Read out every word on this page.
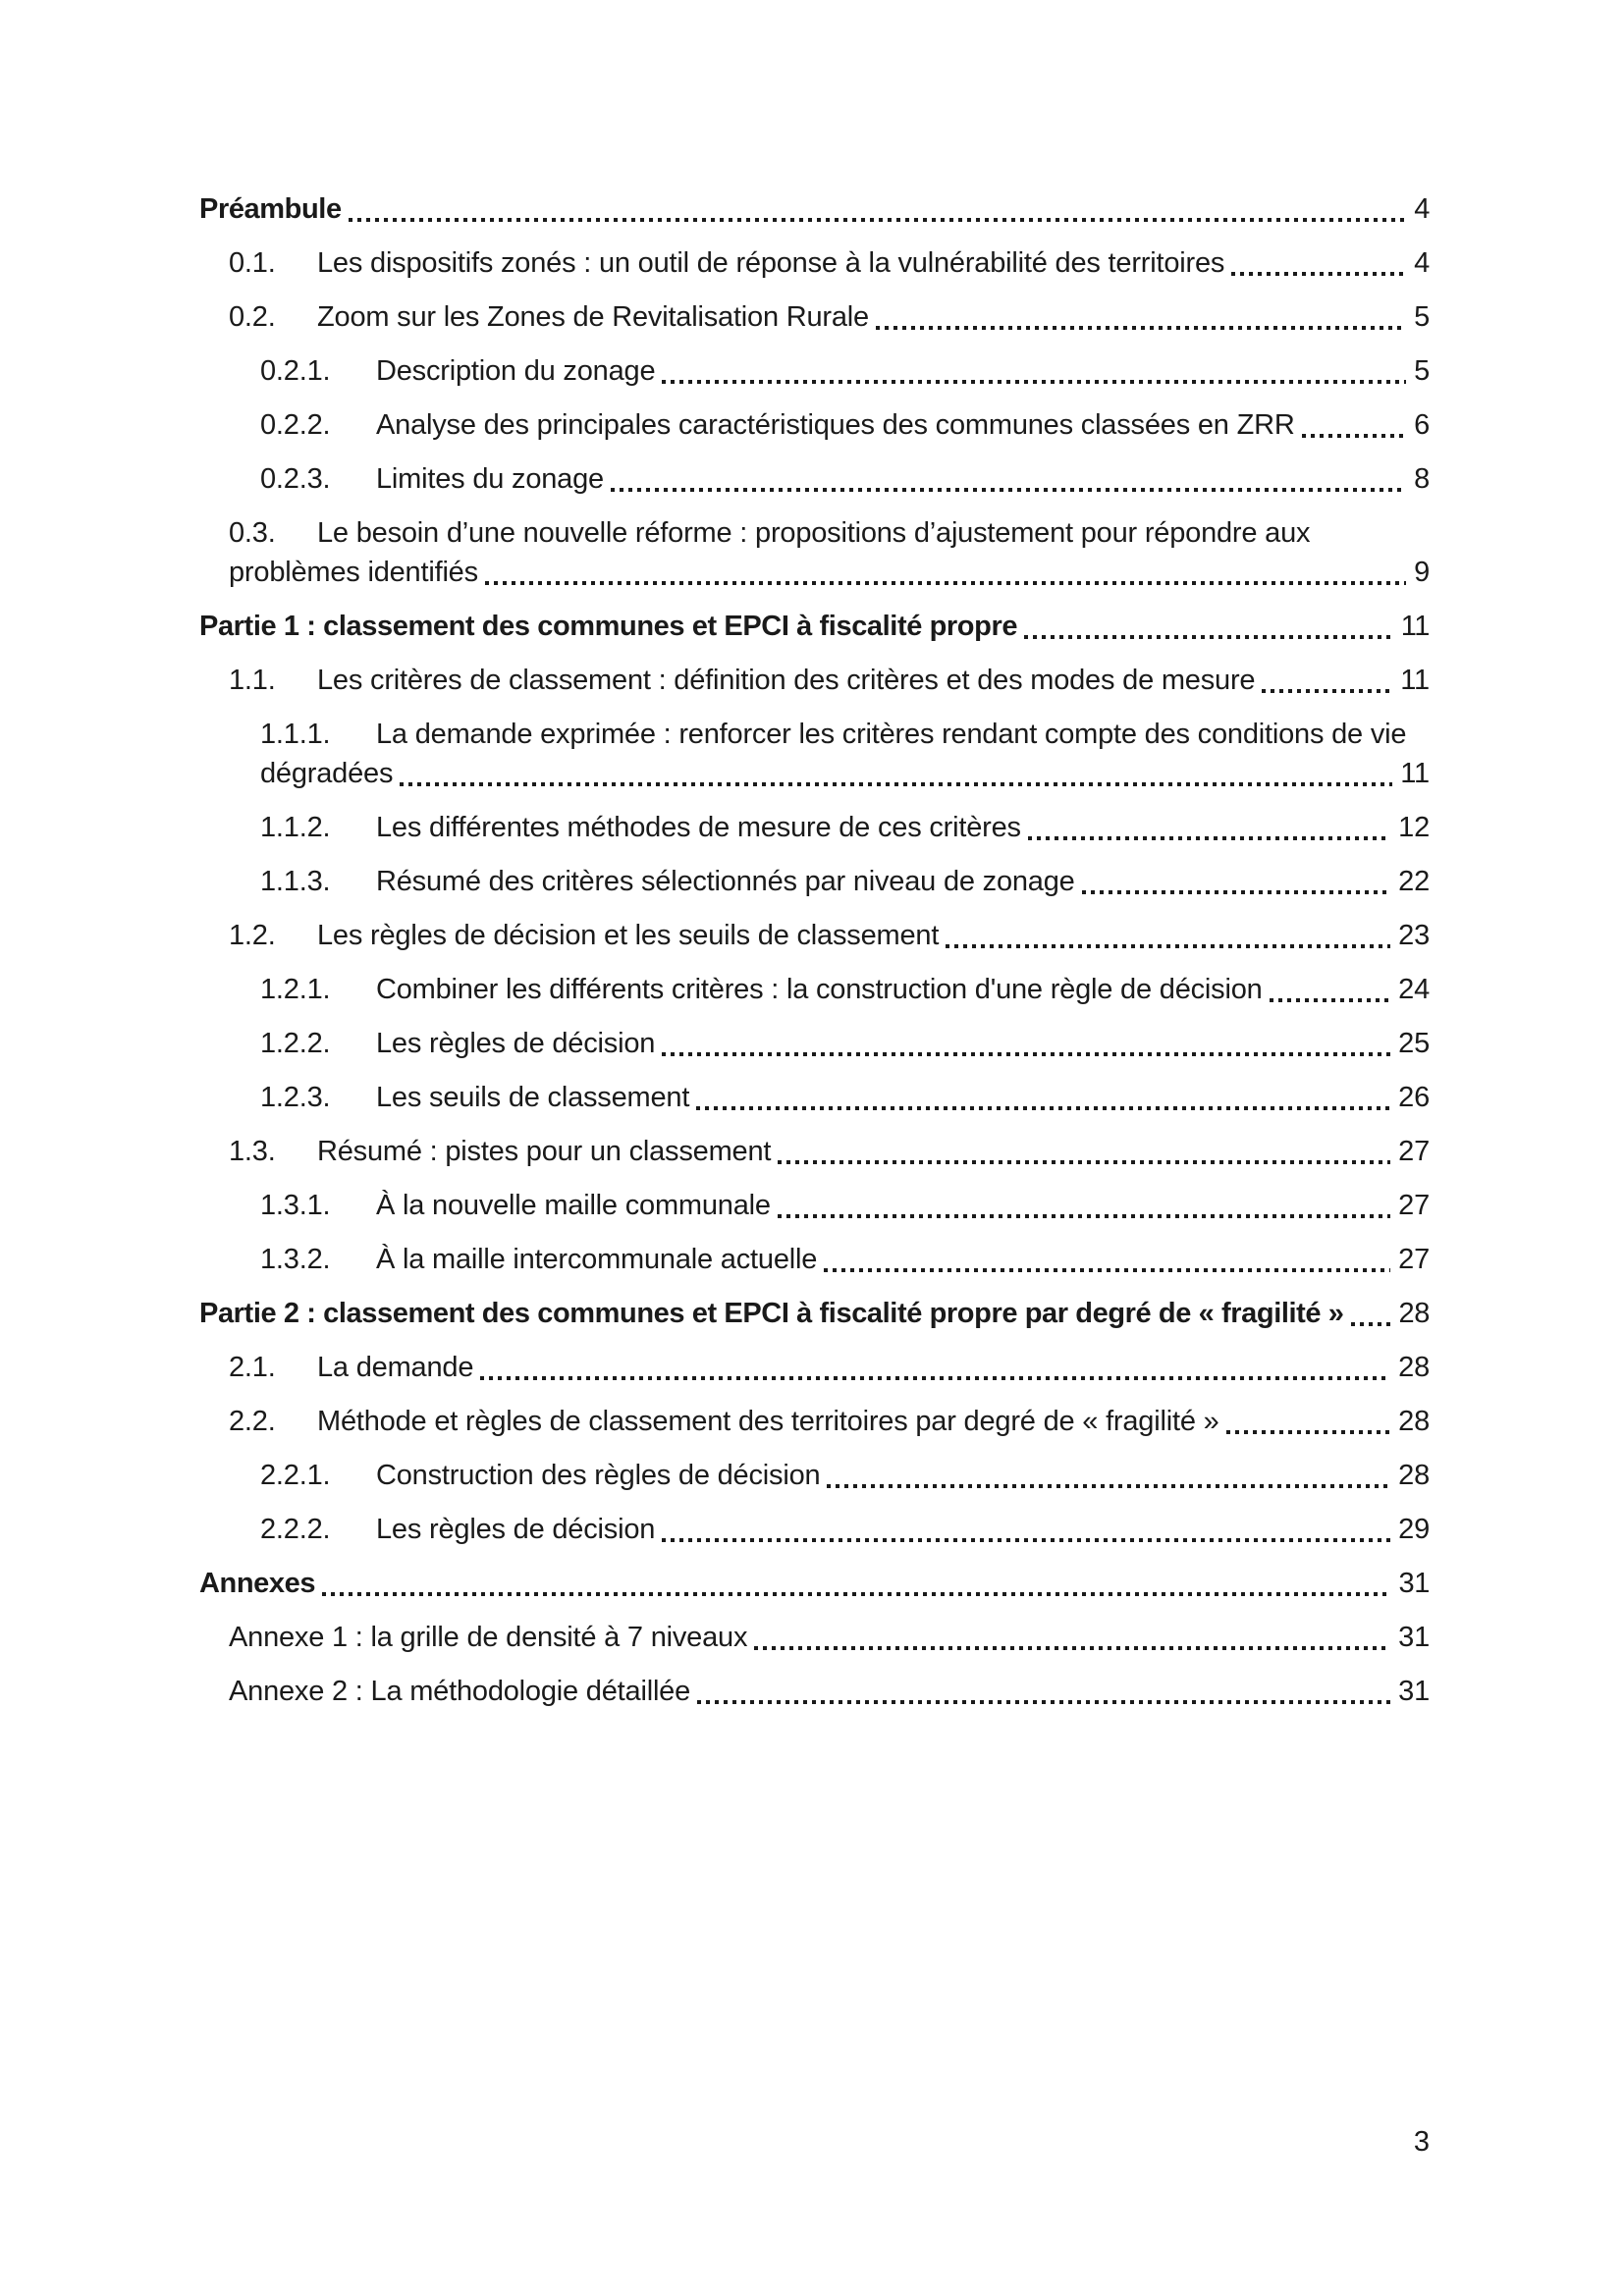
Préambule	4
0.1.	Les dispositifs zonés : un outil de réponse à la vulnérabilité des territoires	4
0.2.	Zoom sur les Zones de Revitalisation Rurale	5
0.2.1.	Description du zonage	5
0.2.2.	Analyse des principales caractéristiques des communes classées en ZRR	6
0.2.3.	Limites du zonage	8
0.3.	Le besoin d’une nouvelle réforme : propositions d’ajustement pour répondre aux
problèmes identifiés	9
Partie 1 : classement des communes et EPCI à fiscalité propre	11
1.1.	Les critères de classement : définition des critères et des modes de mesure	11
1.1.1.	La demande exprimée : renforcer les critères rendant compte des conditions de vie
dégradées	11
1.1.2.	Les différentes méthodes de mesure de ces critères	12
1.1.3.	Résumé des critères sélectionnés par niveau de zonage	22
1.2.	Les règles de décision et les seuils de classement	23
1.2.1.	Combiner les différents critères : la construction d'une règle de décision	24
1.2.2.	Les règles de décision	25
1.2.3.	Les seuils de classement	26
1.3.	Résumé : pistes pour un classement	27
1.3.1.	À la nouvelle maille communale	27
1.3.2.	À la maille intercommunale actuelle	27
Partie 2 : classement des communes et EPCI à fiscalité propre par degré de « fragilité » 28
2.1.	La demande	28
2.2.	Méthode et règles de classement des territoires par degré de « fragilité »	28
2.2.1.	Construction des règles de décision	28
2.2.2.	Les règles de décision	29
Annexes	31
Annexe 1 : la grille de densité à 7 niveaux	31
Annexe 2 : La méthodologie détaillée	31
3
